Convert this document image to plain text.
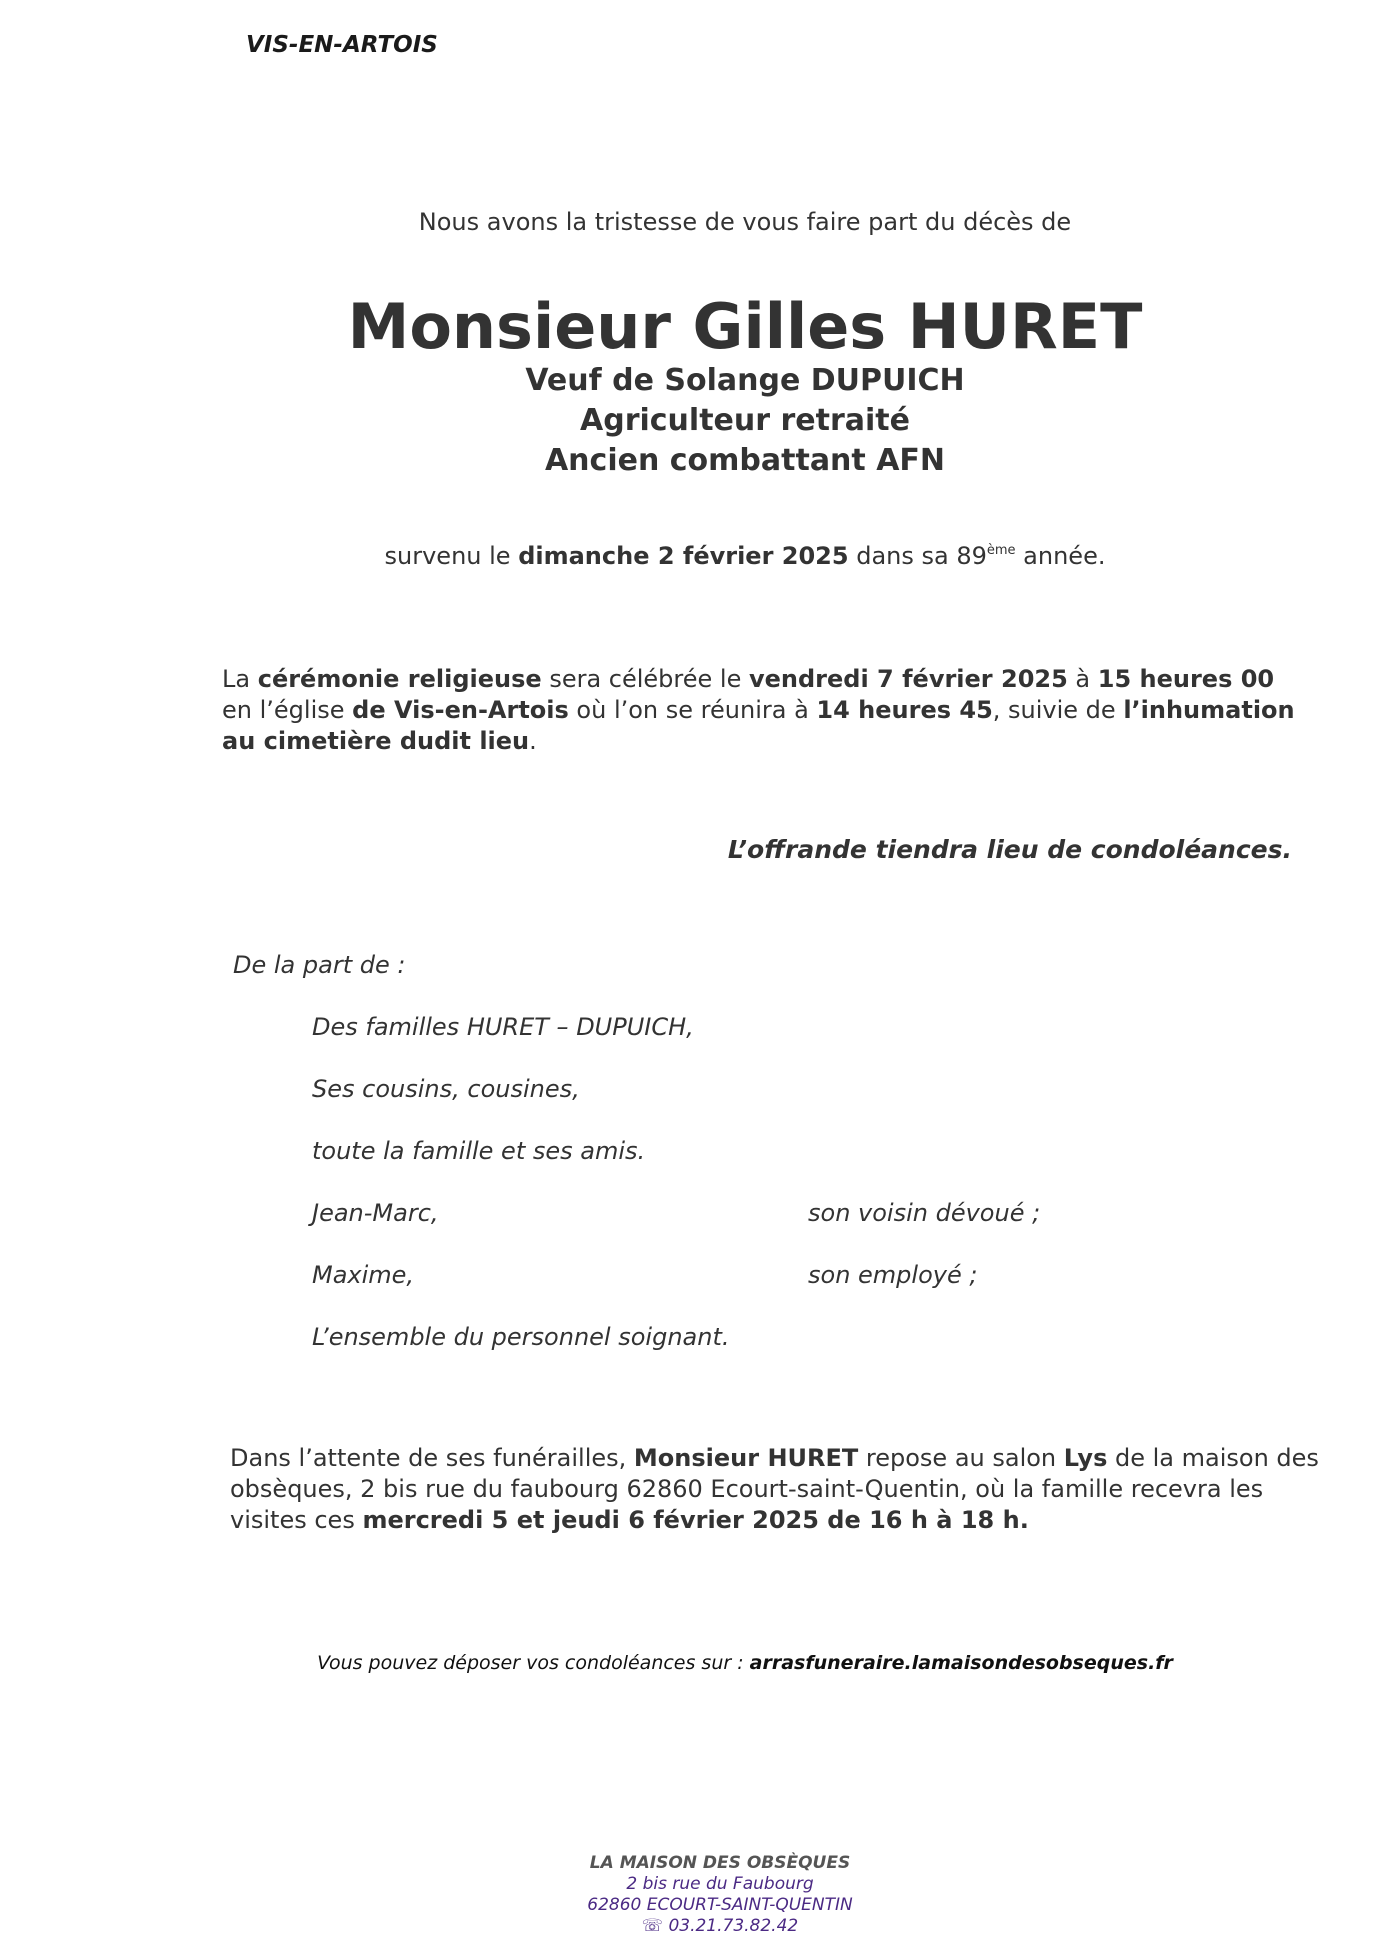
VIS-EN-ARTOIS
Nous avons la tristesse de vous faire part du décès de
Monsieur Gilles HURET
Veuf de Solange DUPUICH
Agriculteur retraité
Ancien combattant AFN
survenu le dimanche 2 février 2025 dans sa 89ème année.
La cérémonie religieuse sera célébrée le vendredi 7 février 2025 à 15 heures 00
en l’église de Vis-en-Artois où l’on se réunira à 14 heures 45, suivie de l’inhumation
au cimetière dudit lieu.
L’offrande tiendra lieu de condoléances.
De la part de :
Des familles HURET – DUPUICH,
Ses cousins, cousines,
toute la famille et ses amis.
Jean-Marc,	son voisin dévoué ;
Maxime,	son employé ;
L’ensemble du personnel soignant.
Dans l’attente de ses funérailles, Monsieur HURET repose au salon Lys de la maison des obsèques, 2 bis rue du faubourg 62860 Ecourt-saint-Quentin, où la famille recevra les visites ces mercredi 5 et jeudi 6 février 2025 de 16 h à 18 h.
Vous pouvez déposer vos condoléances sur : arrasfuneraire.lamaisondesobseques.fr
LA MAISON DES OBSÈQUES
2 bis rue du Faubourg
62860 ECOURT-SAINT-QUENTIN
☏ 03.21.73.82.42
